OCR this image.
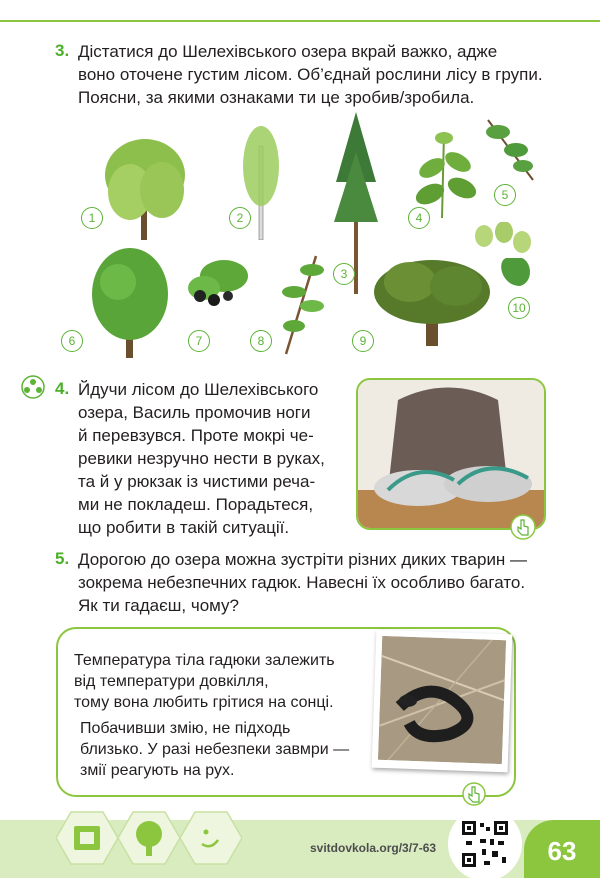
3. Дістатися до Шелехівського озера вкрай важко, адже
воно оточене густим лісом. Об’єднай рослини лісу в групи.
Поясни, за якими ознаками ти це зробив/зробила.
1	2
3
4
5
6	7	8	9
10
4. Йдучи лісом до Шелехівського
озера, Василь промочив ноги
й перевзувся. Проте мокрі че-
ревики незручно нести в руках,
та й у рюкзак із чистими реча-
ми не покладеш. Порадьтеся,
що робити в такій ситуації.
5. Дорогою до озера можна зустріти різних диких тварин —
зокрема небезпечних гадюк. Навесні їх особливо багато.
Як ти гадаєш, чому?
Температура тіла гадюки залежить
від температури довкілля,
тому вона любить грітися на сонці.
Побачивши змію, не підходь
близько. У разі небезпеки завмри —
змії реагують на рух.
svitdovkola.org/3/7-63	63
